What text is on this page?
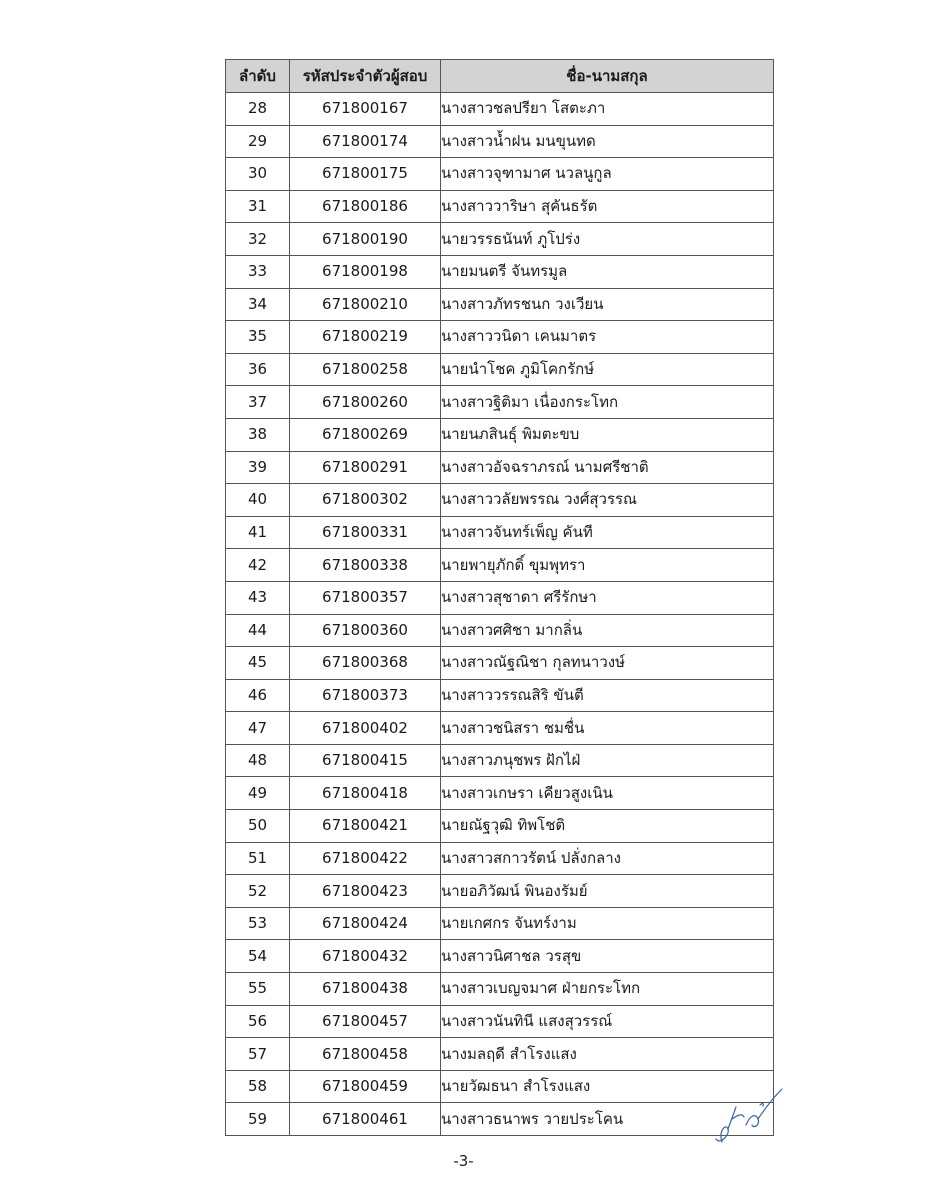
ลำดับ	รหัสประจำตัวผู้สอบ	ชื่อ-นามสกุล
28	671800167	นางสาวชลปรียา โสตะภา
29	671800174	นางสาวน้ำฝน มนขุนทด
30	671800175	นางสาวจุฑามาศ นวลนูกูล
31	671800186	นางสาววาริษา สุคันธรัต
32	671800190	นายวรรธนันท์ ภูโปร่ง
33	671800198	นายมนตรี จันทรมูล
34	671800210	นางสาวภัทรชนก วงเวียน
35	671800219	นางสาววนิดา เคนมาตร
36	671800258	นายนำโชค ภูมิโคกรักษ์
37	671800260	นางสาวฐิติมา เนื่องกระโทก
38	671800269	นายนภสินธุ์ พิมตะขบ
39	671800291	นางสาวอัจฉราภรณ์ นามศรีชาติ
40	671800302	นางสาววลัยพรรณ วงศ์สุวรรณ
41	671800331	นางสาวจันทร์เพ็ญ คันที
42	671800338	นายพายุภักดิ์ ขุมพุทรา
43	671800357	นางสาวสุชาดา ศรีรักษา
44	671800360	นางสาวศศิชา มากลิ่น
45	671800368	นางสาวณัฐณิชา กุลทนาวงษ์
46	671800373	นางสาววรรณสิริ ขันตี
47	671800402	นางสาวชนิสรา ชมชื่น
48	671800415	นางสาวภนุชพร ฝักไฝ่
49	671800418	นางสาวเกษรา เคียวสูงเนิน
50	671800421	นายณัฐวุฒิ ทิพโชติ
51	671800422	นางสาวสกาวรัตน์ ปลั่งกลาง
52	671800423	นายอภิวัฒน์ พินองรัมย์
53	671800424	นายเกศกร จันทร์งาม
54	671800432	นางสาวนิศาชล วรสุข
55	671800438	นางสาวเบญจมาศ ฝ่ายกระโทก
56	671800457	นางสาวนันทินี แสงสุวรรณ์
57	671800458	นางมลฤดี สำโรงแสง
58	671800459	นายวัฒธนา สำโรงแสง
59	671800461	นางสาวธนาพร วายประโคน
-3-
